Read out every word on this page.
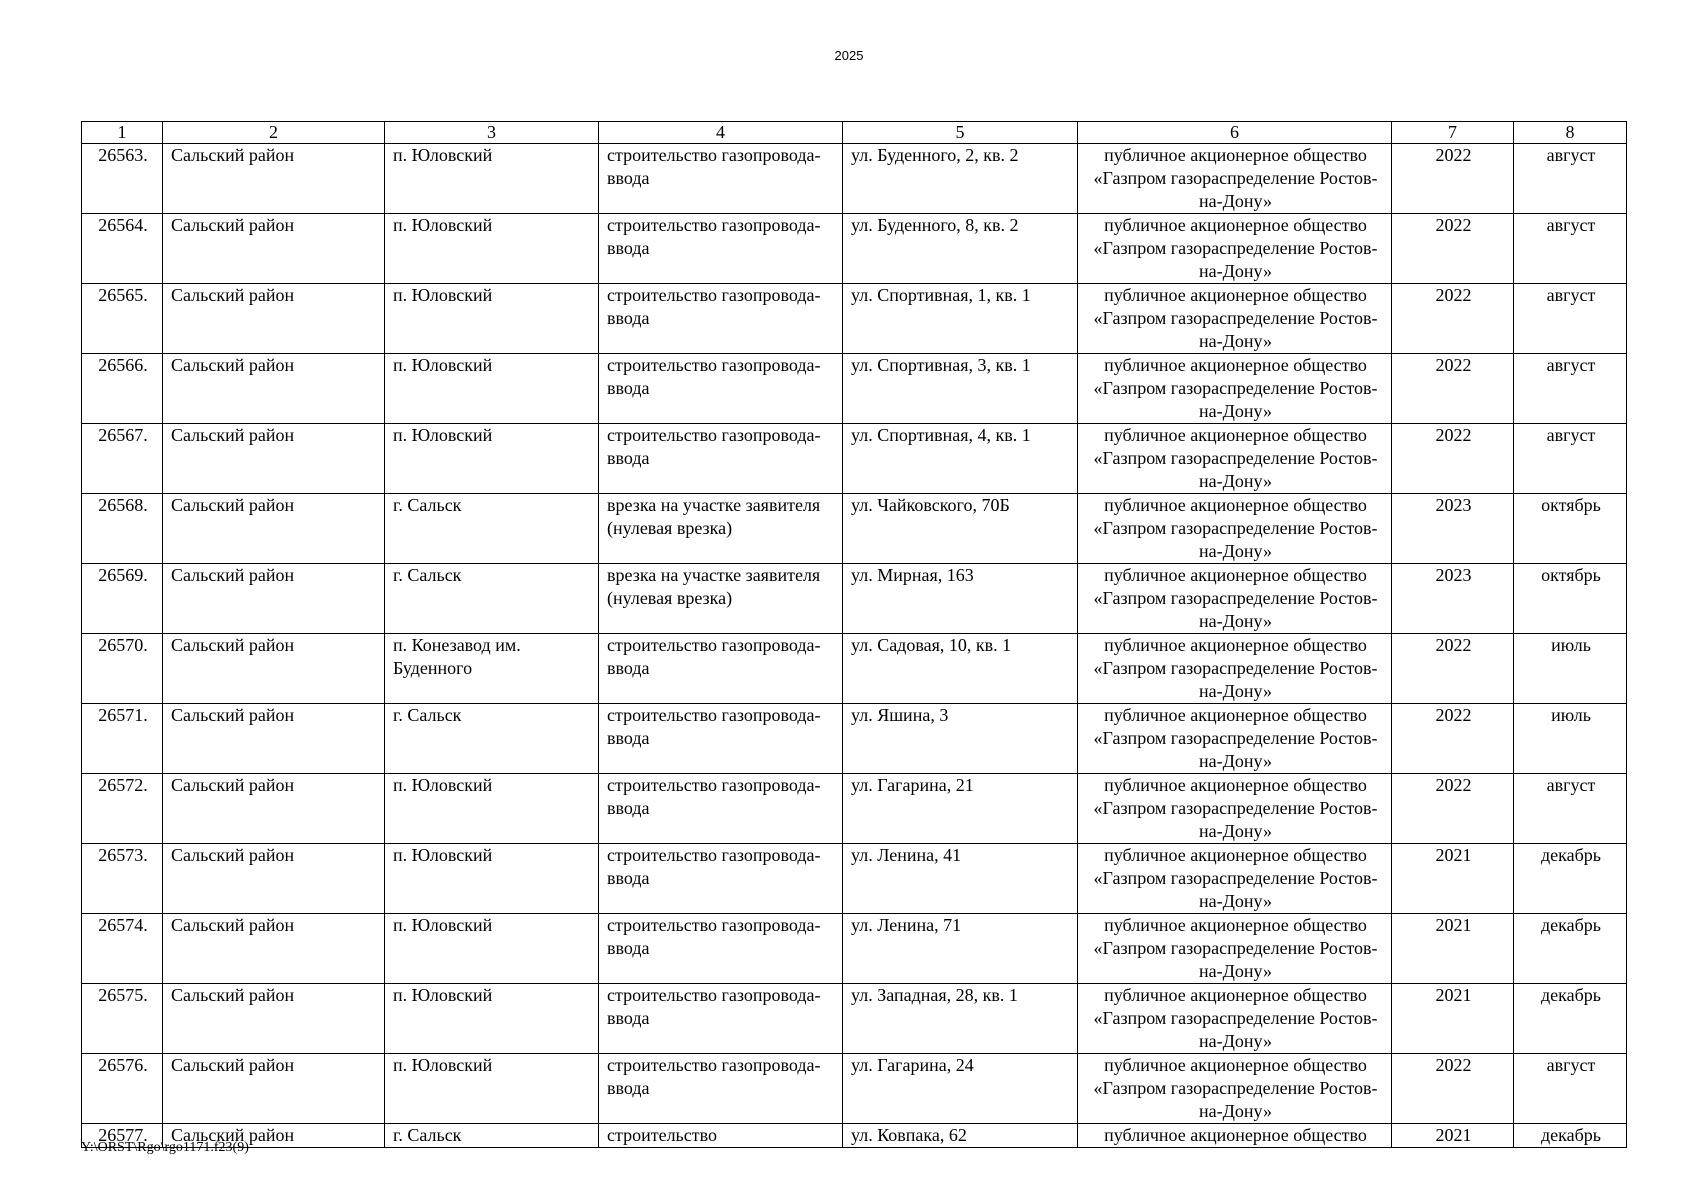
2025
1	2	3	4	5	6	7	8
26563.	Сальский район	п. Юловский	строительство газопровода-ввода	ул. Буденного, 2, кв. 2	публичное акционерное общество «Газпром газораспределение Ростов-на-Дону»	2022	август
26564.	Сальский район	п. Юловский	строительство газопровода-ввода	ул. Буденного, 8, кв. 2	публичное акционерное общество «Газпром газораспределение Ростов-на-Дону»	2022	август
26565.	Сальский район	п. Юловский	строительство газопровода-ввода	ул. Спортивная, 1, кв. 1	публичное акционерное общество «Газпром газораспределение Ростов-на-Дону»	2022	август
26566.	Сальский район	п. Юловский	строительство газопровода-ввода	ул. Спортивная, 3, кв. 1	публичное акционерное общество «Газпром газораспределение Ростов-на-Дону»	2022	август
26567.	Сальский район	п. Юловский	строительство газопровода-ввода	ул. Спортивная, 4, кв. 1	публичное акционерное общество «Газпром газораспределение Ростов-на-Дону»	2022	август
26568.	Сальский район	г. Сальск	врезка на участке заявителя (нулевая врезка)	ул. Чайковского, 70Б	публичное акционерное общество «Газпром газораспределение Ростов-на-Дону»	2023	октябрь
26569.	Сальский район	г. Сальск	врезка на участке заявителя (нулевая врезка)	ул. Мирная, 163	публичное акционерное общество «Газпром газораспределение Ростов-на-Дону»	2023	октябрь
26570.	Сальский район	п. Конезавод им. Буденного	строительство газопровода-ввода	ул. Садовая, 10, кв. 1	публичное акционерное общество «Газпром газораспределение Ростов-на-Дону»	2022	июль
26571.	Сальский район	г. Сальск	строительство газопровода-ввода	ул. Яшина, 3	публичное акционерное общество «Газпром газораспределение Ростов-на-Дону»	2022	июль
26572.	Сальский район	п. Юловский	строительство газопровода-ввода	ул. Гагарина, 21	публичное акционерное общество «Газпром газораспределение Ростов-на-Дону»	2022	август
26573.	Сальский район	п. Юловский	строительство газопровода-ввода	ул. Ленина, 41	публичное акционерное общество «Газпром газораспределение Ростов-на-Дону»	2021	декабрь
26574.	Сальский район	п. Юловский	строительство газопровода-ввода	ул. Ленина, 71	публичное акционерное общество «Газпром газораспределение Ростов-на-Дону»	2021	декабрь
26575.	Сальский район	п. Юловский	строительство газопровода-ввода	ул. Западная, 28, кв. 1	публичное акционерное общество «Газпром газораспределение Ростов-на-Дону»	2021	декабрь
26576.	Сальский район	п. Юловский	строительство газопровода-ввода	ул. Гагарина, 24	публичное акционерное общество «Газпром газораспределение Ростов-на-Дону»	2022	август
26577.	Сальский район	г. Сальск	строительство	ул. Ковпака, 62	публичное акционерное общество	2021	декабрь
Y:\ORST\Rgo\rgo1171.f23(9)
